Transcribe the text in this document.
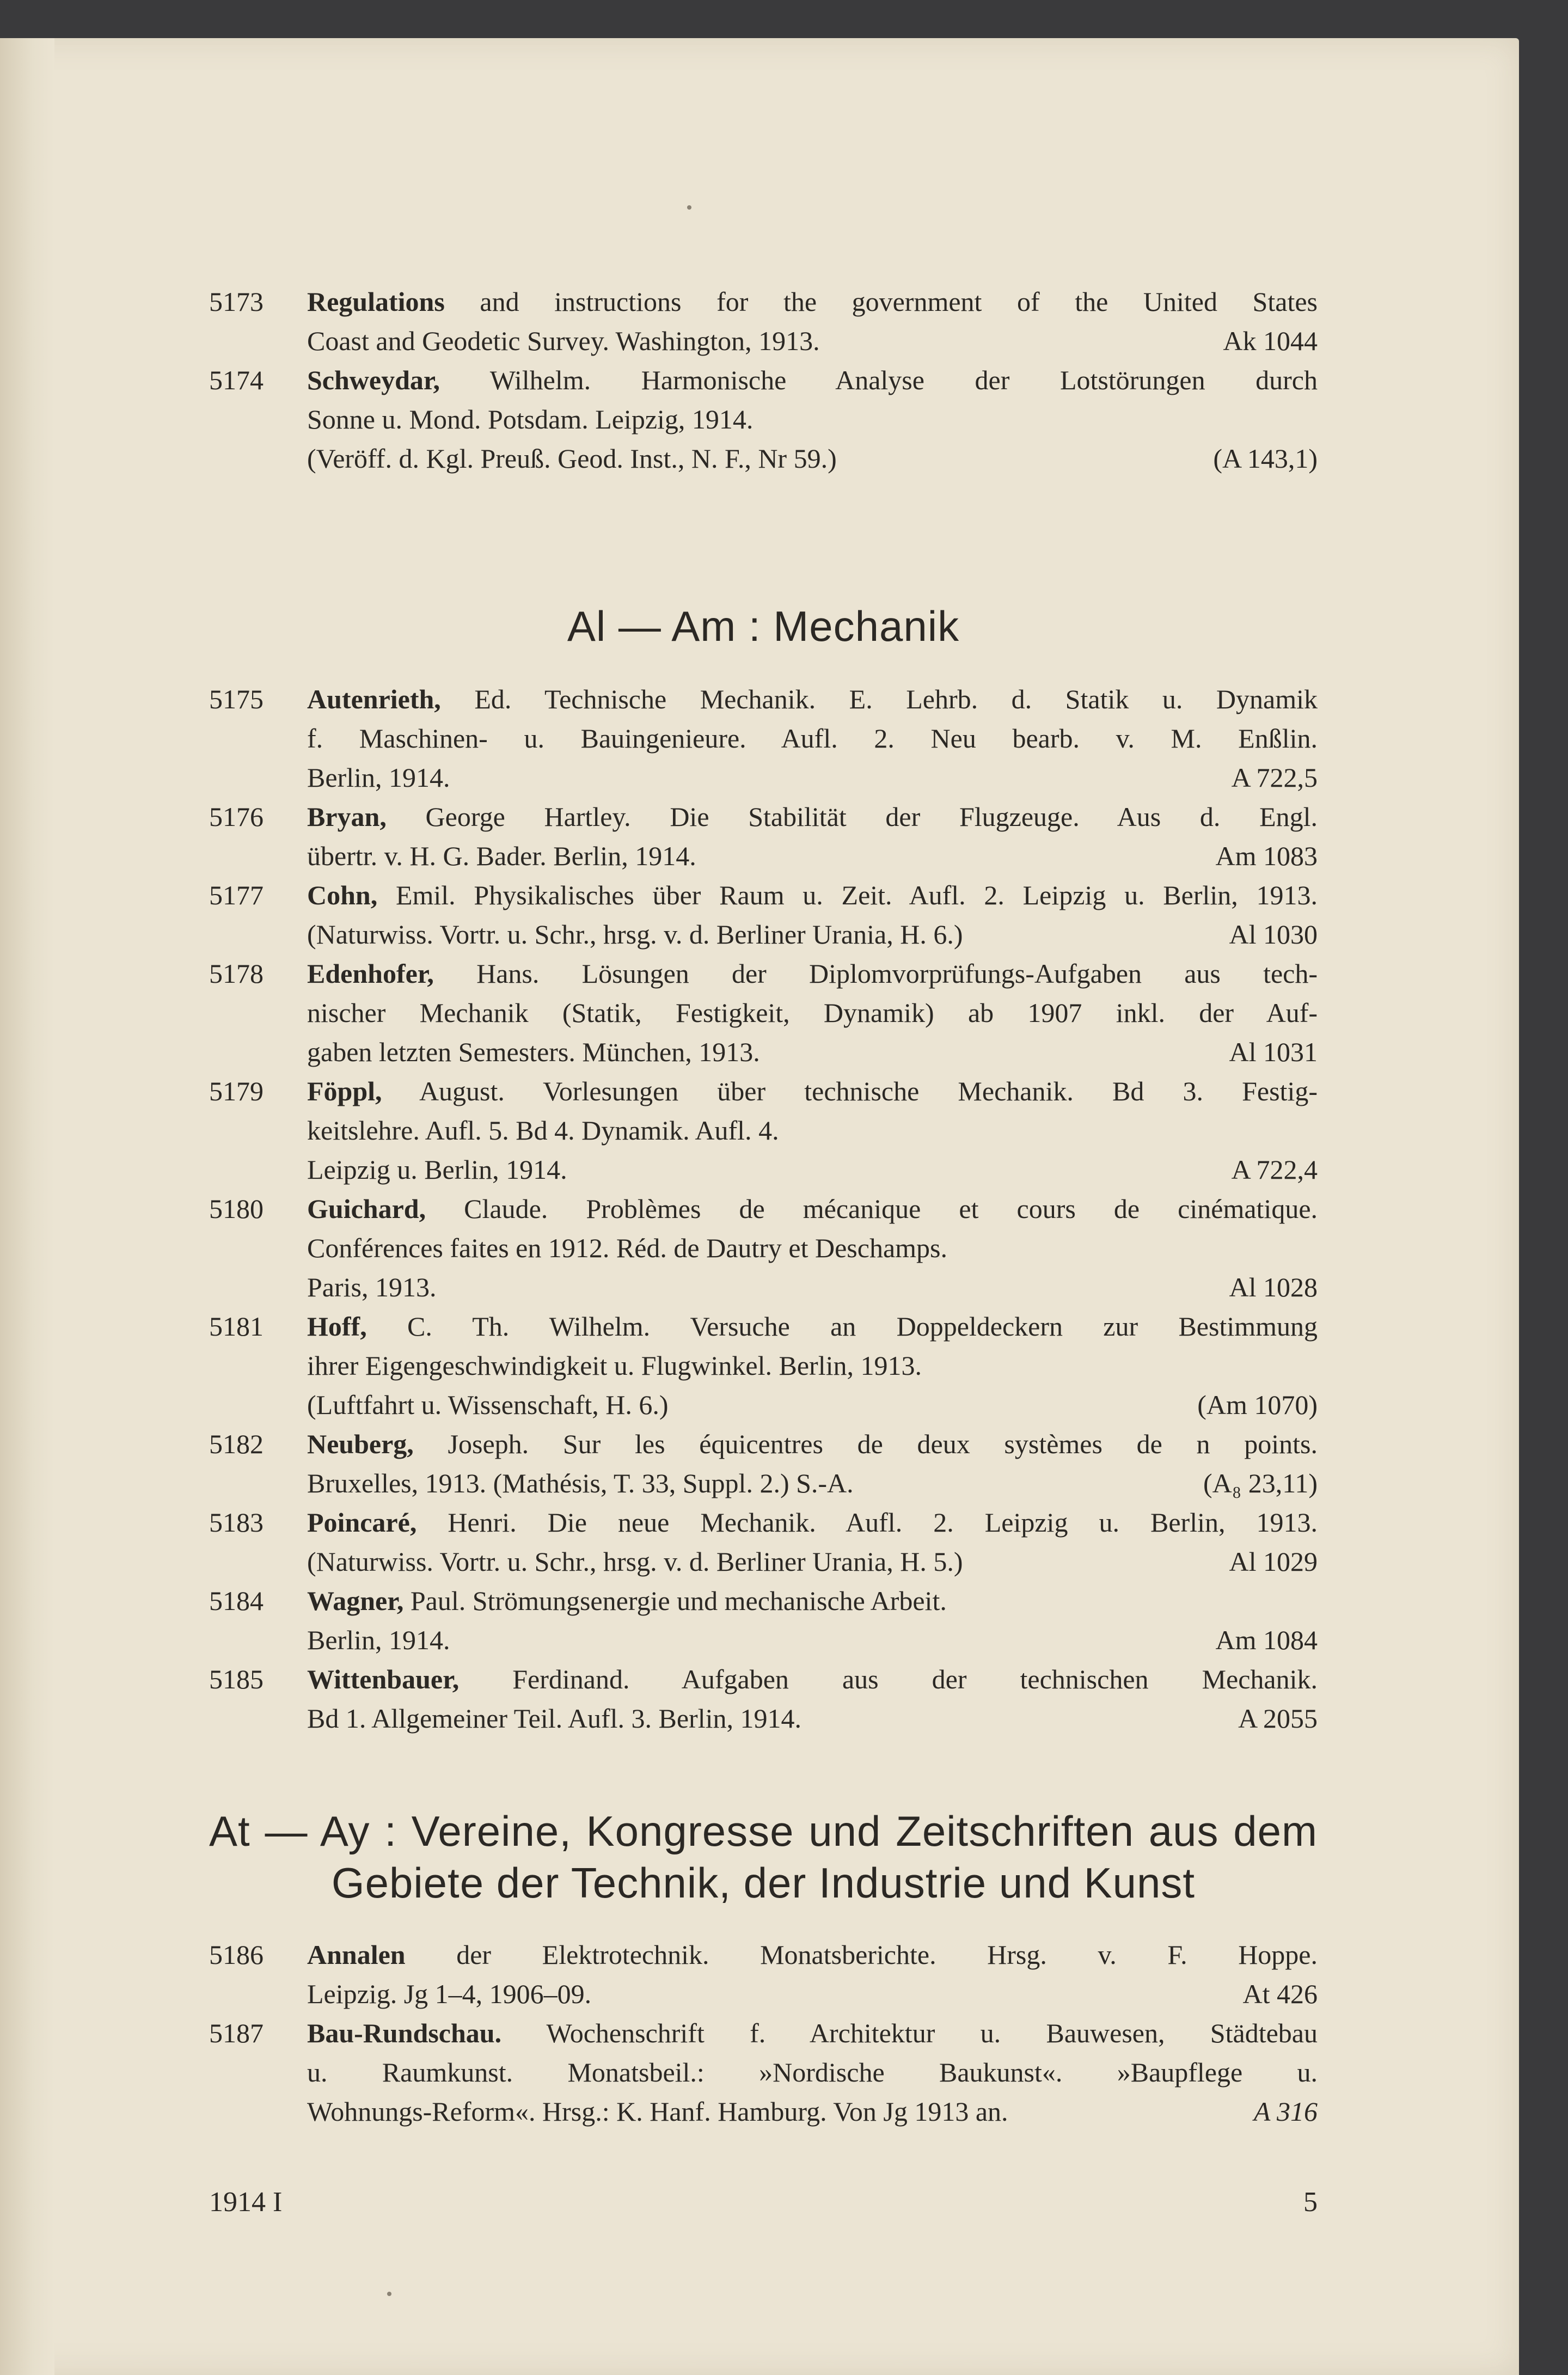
5173 Regulations and instructions for the government of the United States
Coast and Geodetic Survey. Washington, 1913.	Ak 1044
5174 Schweydar, Wilhelm. Harmonische Analyse der Lotstörungen durch
Sonne u. Mond. Potsdam. Leipzig, 1914.
(Veröff. d. Kgl. Preuß. Geod. Inst., N. F., Nr 59.)	(A 143,1)
Al — Am : Mechanik
5175 Autenrieth, Ed. Technische Mechanik. E. Lehrb. d. Statik u. Dynamik
f. Maschinen- u. Bauingenieure. Aufl. 2. Neu bearb. v. M. Enßlin.
Berlin, 1914.	A 722,5
5176 Bryan, George Hartley. Die Stabilität der Flugzeuge. Aus d. Engl.
übertr. v. H. G. Bader. Berlin, 1914.	Am 1083
5177 Cohn, Emil. Physikalisches über Raum u. Zeit. Aufl. 2. Leipzig u. Berlin, 1913.
(Naturwiss. Vortr. u. Schr., hrsg. v. d. Berliner Urania, H. 6.)	Al 1030
5178 Edenhofer, Hans. Lösungen der Diplomvorprüfungs-Aufgaben aus tech-
nischer Mechanik (Statik, Festigkeit, Dynamik) ab 1907 inkl. der Auf-
gaben letzten Semesters. München, 1913.	Al 1031
5179 Föppl, August. Vorlesungen über technische Mechanik. Bd 3. Festig-
keitslehre. Aufl. 5. Bd 4. Dynamik. Aufl. 4.
Leipzig u. Berlin, 1914.	A 722,4
5180 Guichard, Claude. Problèmes de mécanique et cours de cinématique.
Conférences faites en 1912. Réd. de Dautry et Deschamps.
Paris, 1913.	Al 1028
5181 Hoff, C. Th. Wilhelm. Versuche an Doppeldeckern zur Bestimmung
ihrer Eigengeschwindigkeit u. Flugwinkel. Berlin, 1913.
(Luftfahrt u. Wissenschaft, H. 6.)	(Am 1070)
5182 Neuberg, Joseph. Sur les équicentres de deux systèmes de n points.
Bruxelles, 1913. (Mathésis, T. 33, Suppl. 2.) S.-A.	(A₈ 23,11)
5183 Poincaré, Henri. Die neue Mechanik. Aufl. 2. Leipzig u. Berlin, 1913.
(Naturwiss. Vortr. u. Schr., hrsg. v. d. Berliner Urania, H. 5.)	Al 1029
5184 Wagner, Paul. Strömungsenergie und mechanische Arbeit.
Berlin, 1914.	Am 1084
5185 Wittenbauer, Ferdinand. Aufgaben aus der technischen Mechanik.
Bd 1. Allgemeiner Teil. Aufl. 3. Berlin, 1914.	A 2055
At — Ay : Vereine, Kongresse und Zeitschriften aus dem
Gebiete der Technik, der Industrie und Kunst
5186 Annalen der Elektrotechnik. Monatsberichte. Hrsg. v. F. Hoppe.
Leipzig. Jg 1–4, 1906–09.	At 426
5187 Bau-Rundschau. Wochenschrift f. Architektur u. Bauwesen, Städtebau
u. Raumkunst. Monatsbeil.: »Nordische Baukunst«. »Baupflege u.
Wohnungs-Reform«. Hrsg.: K. Hanf. Hamburg. Von Jg 1913 an.	A 316
1914 I	5
